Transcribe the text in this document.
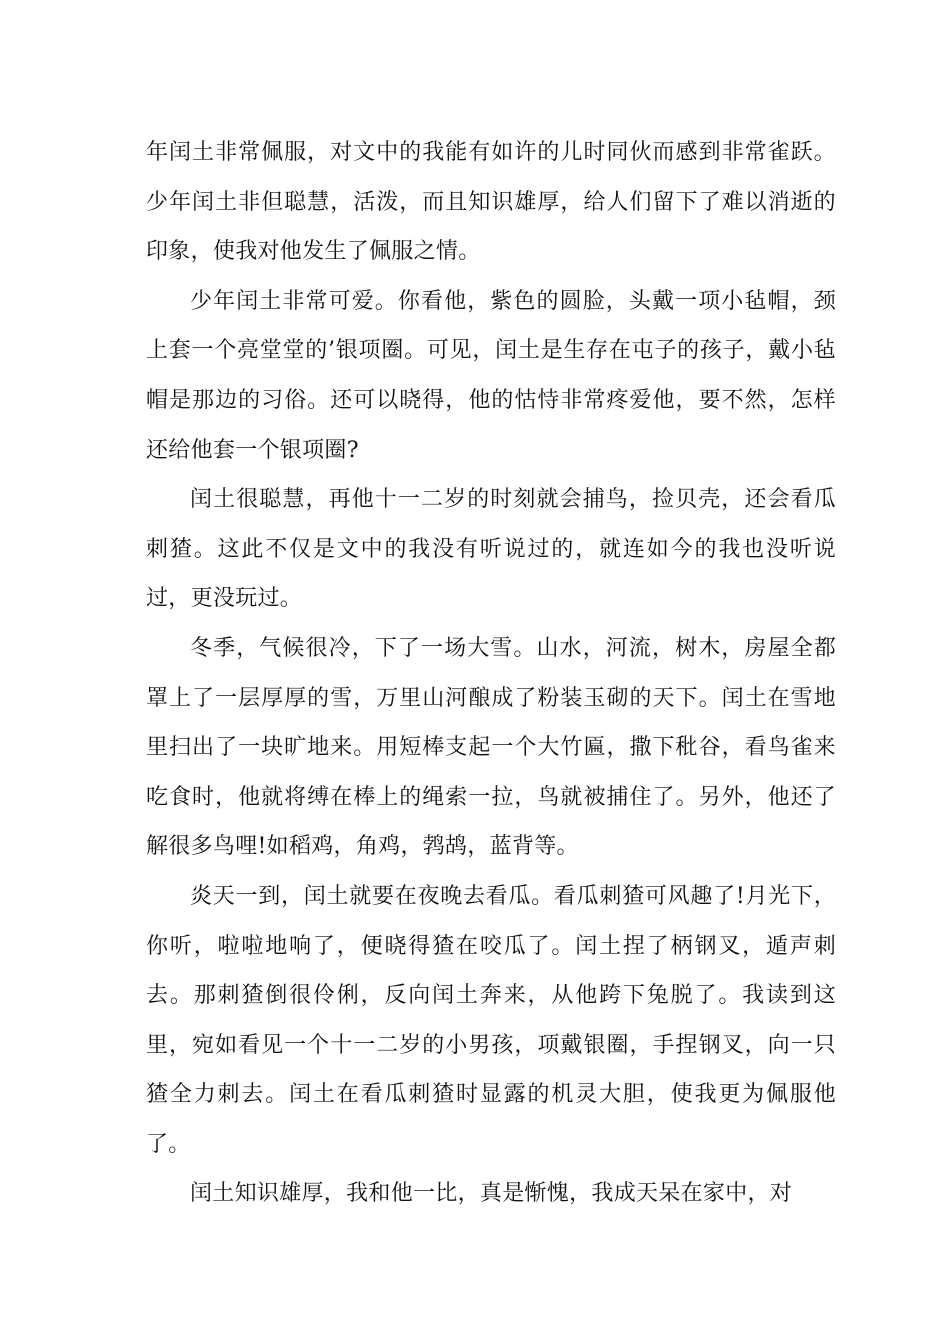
年闰土非常佩服，对文中的我能有如许的儿时同伙而感到非常雀跃。少年闰土非但聪慧，活泼，而且知识雄厚，给人们留下了难以消逝的印象，使我对他发生了佩服之情。

少年闰土非常可爱。你看他，紫色的圆脸，头戴一项小毡帽，颈上套一个亮堂堂的’银项圈。可见，闰土是生存在屯子的孩子，戴小毡帽是那边的习俗。还可以晓得，他的怙恃非常疼爱他，要不然，怎样还给他套一个银项圈?

闰土很聪慧，再他十一二岁的时刻就会捕鸟，捡贝壳，还会看瓜刺猹。这此不仅是文中的我没有听说过的，就连如今的我也没听说过，更没玩过。

冬季，气候很冷，下了一场大雪。山水，河流，树木，房屋全都罩上了一层厚厚的雪，万里山河酿成了粉装玉砌的天下。闰土在雪地里扫出了一块旷地来。用短棒支起一个大竹匾，撒下秕谷，看鸟雀来吃食时，他就将缚在棒上的绳索一拉，鸟就被捕住了。另外，他还了解很多鸟哩!如稻鸡，角鸡，鹁鸪，蓝背等。

炎天一到，闰土就要在夜晚去看瓜。看瓜刺猹可风趣了!月光下，你听，啦啦地响了，便晓得猹在咬瓜了。闰土捏了柄钢叉，遁声刺去。那刺猹倒很伶俐，反向闰土奔来，从他跨下兔脱了。我读到这里，宛如看见一个十一二岁的小男孩，项戴银圈，手捏钢叉，向一只猹全力刺去。闰土在看瓜刺猹时显露的机灵大胆，使我更为佩服他了。

闰土知识雄厚，我和他一比，真是惭愧，我成天呆在家中，对
